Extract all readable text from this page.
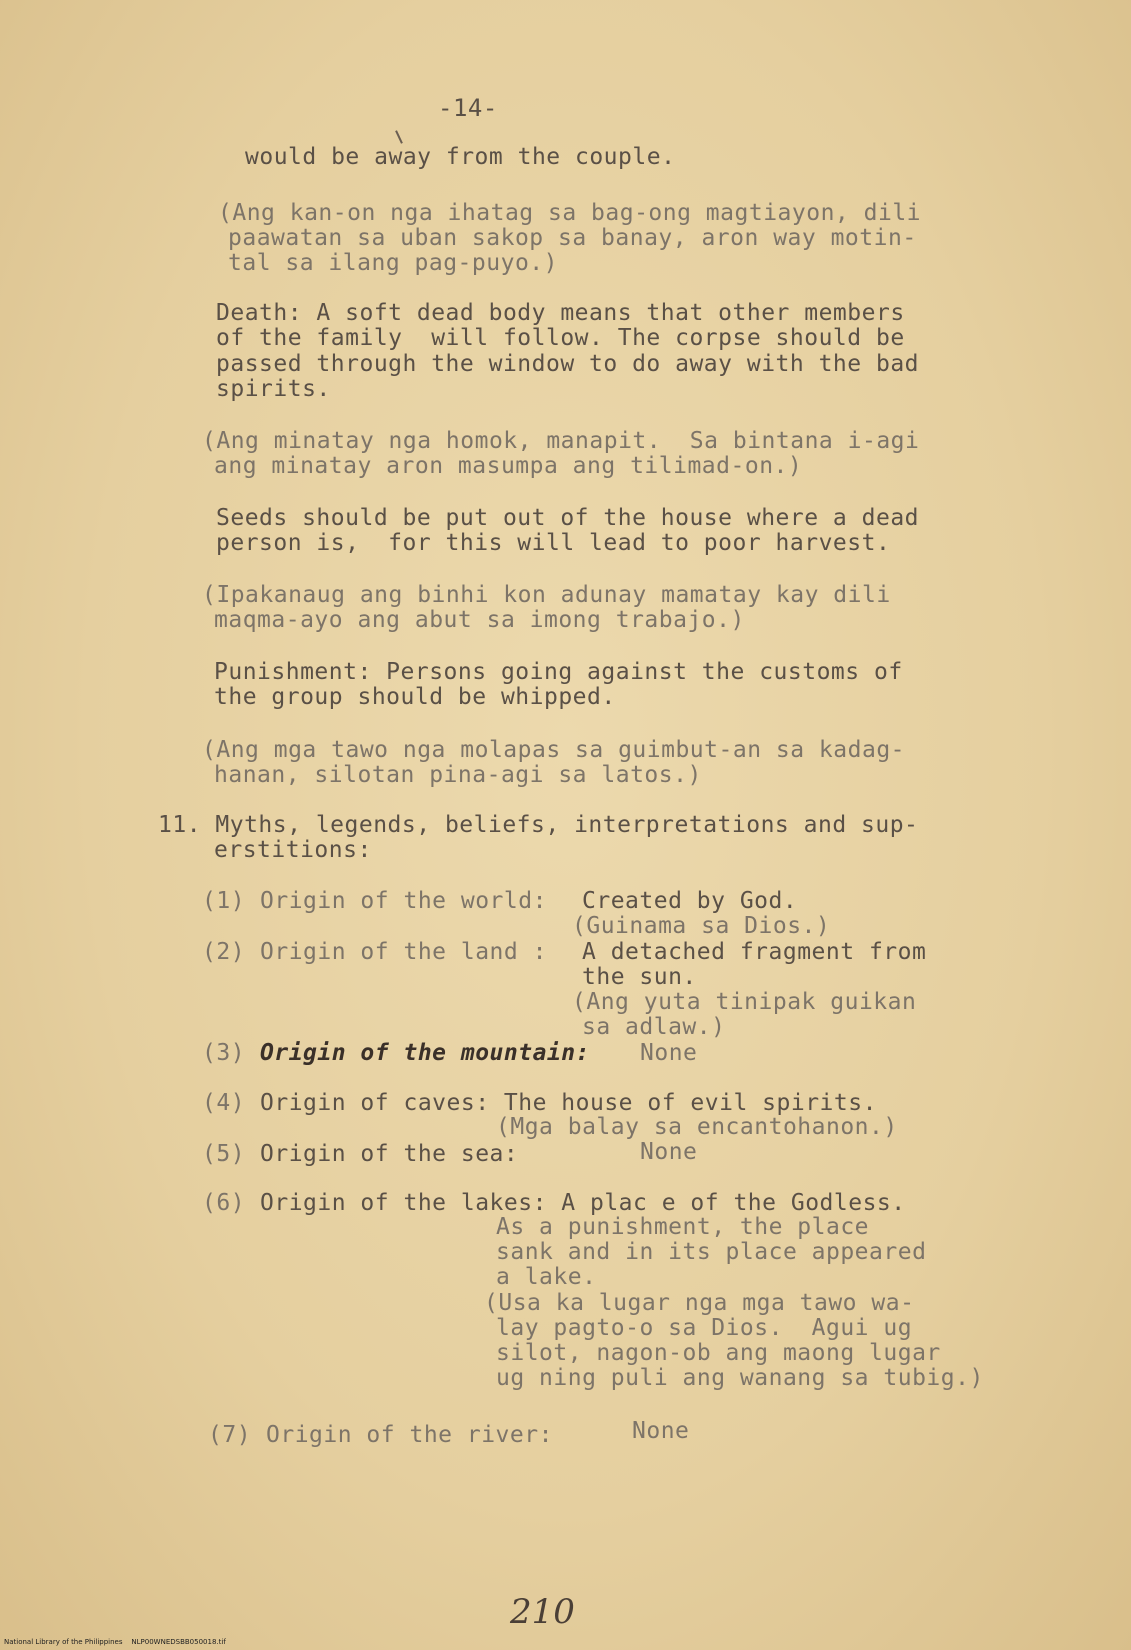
-14-
would be away from the couple.
(Ang kan-on nga ihatag sa bag-ong magtiayon, dili
paawatan sa uban sakop sa banay, aron way motin-
tal sa ilang pag-puyo.)
Death: A soft dead body means that other members
of the family  will follow. The corpse should be
passed through the window to do away with the bad
spirits.
(Ang minatay nga homok, manapit.  Sa bintana i-agi
ang minatay aron masumpa ang tilimad-on.)
Seeds should be put out of the house where a dead
person is,  for this will lead to poor harvest.
(Ipakanaug ang binhi kon adunay mamatay kay dili
maqma-ayo ang abut sa imong trabajo.)
Punishment: Persons going against the customs of
the group should be whipped.
(Ang mga tawo nga molapas sa guimbut-an sa kadag-
hanan, silotan pina-agi sa latos.)
11. Myths, legends, beliefs, interpretations and sup-
erstitions:
(1) Origin of the world: Created by God.
(Guinama sa Dios.)
(2) Origin of the land : A detached fragment from
the sun.
(Ang yuta tinipak guikan
sa adlaw.)
(3) Origin of the mountain: None
(4) Origin of caves: The house of evil spirits.
(Mga balay sa encantohanon.)
(5) Origin of the sea:	None
(6) Origin of the lakes: A plac e of the Godless.
As a punishment, the place
sank and in its place appeared
a lake.
(Usa ka lugar nga mga tawo wa-
lay pagto-o sa Dios.  Agui ug
silot, nagon-ob ang maong lugar
ug ning puli ang wanang sa tubig.)
(7) Origin of the river:	None
210
National Library of the Philippines    NLP00WNEDSBB050018.tif
